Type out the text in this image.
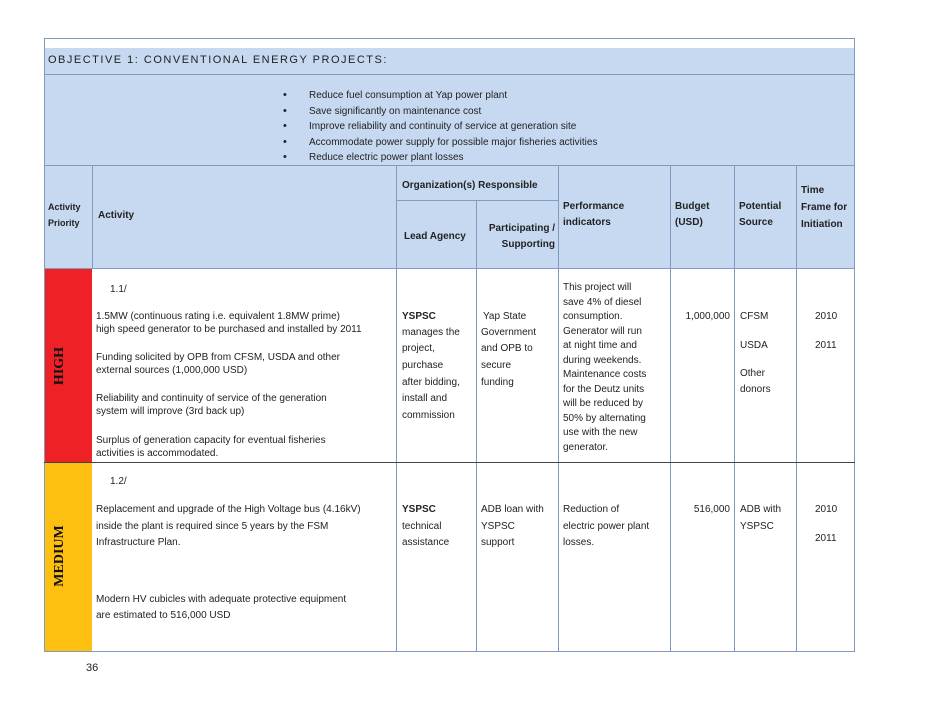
OBJECTIVE 1: CONVENTIONAL ENERGY PROJECTS:
• Reduce fuel consumption at Yap power plant
• Save significantly on maintenance cost
• Improve reliability and continuity of service at generation site
• Accommodate power supply for possible major fisheries activities
• Reduce electric power plant losses
Activity Priority
Activity
Organization(s) Responsible
Lead Agency
Participating / Supporting
Performance indicators
Budget (USD)
Potential Source
Time Frame for Initiation
HIGH
1.1/
1.5MW (continuous rating i.e. equivalent 1.8MW prime)
high speed generator to be purchased and installed by 2011
Funding solicited by OPB from CFSM, USDA and other
external sources (1,000,000 USD)
Reliability and continuity of service of the generation
system will improve (3rd back up)
Surplus of generation capacity for eventual fisheries
activities is accommodated.
YSPSC
manages the
project,
purchase
after bidding,
install and
commission
Yap State
Government
and OPB to
secure
funding
This project will
save 4% of diesel
consumption.
Generator will run
at night time and
during weekends.
Maintenance costs
for the Deutz units
will be reduced by
50% by alternating
use with the new
generator.
1,000,000 CFSM
USDA
Other
donors
2010
2011
MEDIUM
1.2/
Replacement and upgrade of the High Voltage bus (4.16kV)
inside the plant is required since 5 years by the FSM
Infrastructure Plan.
Modern HV cubicles with adequate protective equipment
are estimated to 516,000 USD
YSPSC
technical
assistance
ADB loan with
YSPSC
support
Reduction of
electric power plant
losses.
516,000 ADB with
YSPSC
2010
2011
36
